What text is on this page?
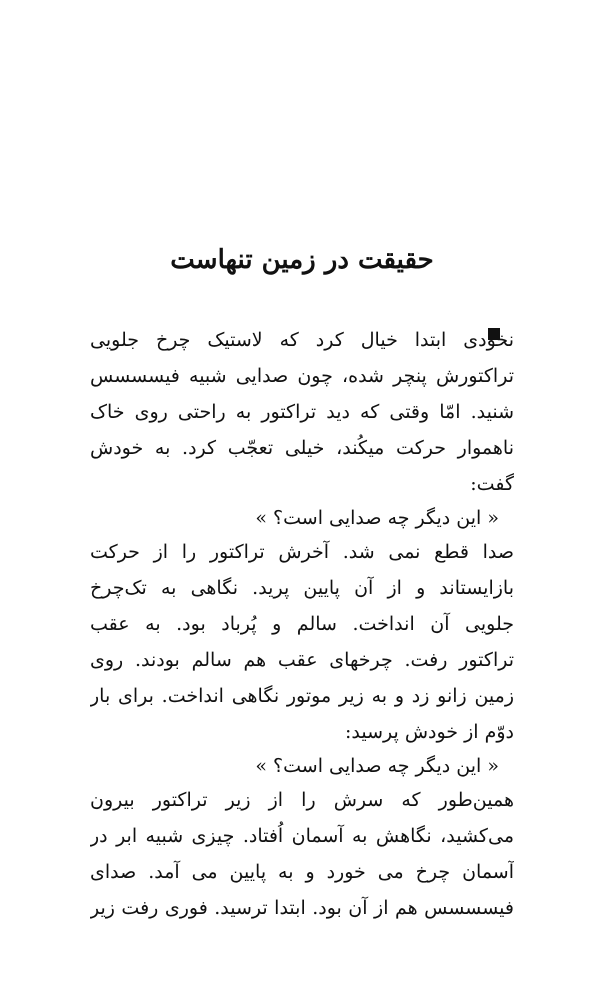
حقیقت در زمین تنهاست
نخودی ابتدا خیال کرد که لاستیک چرخ جلویی
تراکتورش پنچر شده، چون صدایی شبیه فیسسسس
شنید. امّا وقتی که دید تراکتور به راحتی روی خاک
ناهموار حرکت میکُند، خیلی تعجّب کرد. به خودش
گفت:
« این دیگر چه صدایی است؟ »
صدا قطع نمی شد. آخرش تراکتور را از حرکت
بازایستاند و از آن پایین پرید. نگاهی به تک‌چرخ
جلویی آن انداخت. سالم و پُرباد بود. به عقب
تراکتور رفت. چرخهای عقب هم سالم بودند. روی
زمین زانو زد و به زیر موتور نگاهی انداخت. برای بار
دوّم از خودش پرسید:
« این دیگر چه صدایی است؟ »
همین‌طور که سرش را از زیر تراکتور بیرون
می‌کشید، نگاهش به آسمان اُفتاد. چیزی شبیه ابر در
آسمان چرخ می خورد و به پایین می آمد. صدای
فیسسسس هم از آن بود. ابتدا ترسید. فوری رفت زیر
